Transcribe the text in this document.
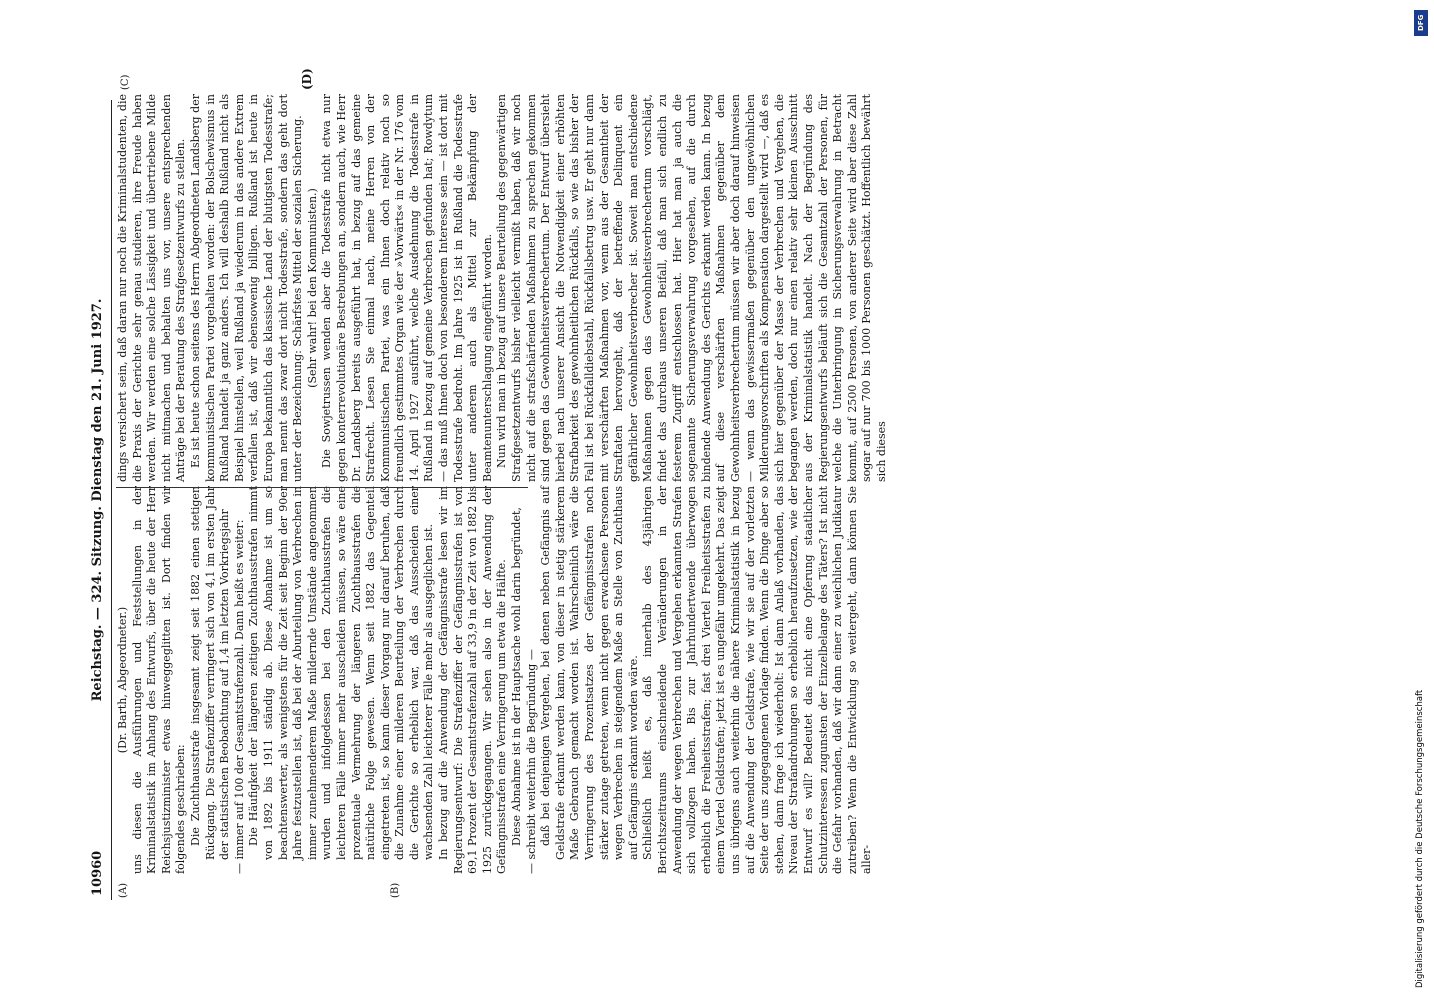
10960
Reichstag. — 324. Sitzung. Dienstag den 21. Juni 1927.
(A)	(B)
(C)	(D)

(Dr. Barth, Abgeordneter.) uns diesen die Ausführungen und Feststellungen in der Kriminalstatistik im Anhang des Entwurfs, über die heute der Herr Reichsjustizminister etwas hinweggeglitten ist. Dort finden wir folgendes geschrieben: Die Zuchthausstrafe insgesamt zeigt seit 1882 einen stetigen Rückgang. Die Strafenziffer verringert sich von 4,1 im ersten Jahr der statistischen Beobachtung auf 1,4 im letzten Vorkriegsjahr — immer auf 100 der Gesamtstrafenzahl. Dann heißt es weiter: Die Häufigkeit der längeren zeitigen Zuchthausstrafen nimmt von 1892 bis 1911 ständig ab. Diese Abnahme ist um so beachtenswerter, als wenigstens für die Zeit seit Beginn der 90er Jahre festzustellen ist, daß bei der Aburteilung von Verbrechen in immer zunehmenderem Maße mildernde Umstände angenommen wurden und infolgedessen bei den Zuchthausstrafen die leichteren Fälle immer mehr ausscheiden müssen, so wäre eine prozentuale Vermehrung der längeren Zuchthausstrafen die natürliche Folge gewesen. Wenn seit 1882 das Gegenteil eingetreten ist, so kann dieser Vorgang nur darauf beruhen, daß die Zunahme einer milderen Beurteilung der Verbrechen durch die Gerichte so erheblich war, daß das Ausscheiden einer wachsenden Zahl leichterer Fälle mehr als ausgeglichen ist. In bezug auf die Anwendung der Gefängnisstrafe lesen wir im Regierungsentwurf: Die Strafenziffer der Gefängnisstrafen ist von 69,1 Prozent der Gesamtstrafenzahl auf 33,9 in der Zeit von 1882 bis 1925 zurückgegangen. Wir sehen also in der Anwendung der Gefängnisstrafen eine Verringerung um etwa die Hälfte. Diese Abnahme ist in der Hauptsache wohl darin begründet, — schreibt weiterhin die Begründung — daß bei denjenigen Vergehen, bei denen neben Gefängnis auf Geldstrafe erkannt werden kann, von dieser in stetig stärkerem Maße Gebrauch gemacht worden ist. Wahrscheinlich wäre die Verringerung des Prozentsatzes der Gefängnisstrafen noch stärker zutage getreten, wenn nicht gegen erwachsene Personen wegen Verbrechen in steigendem Maße an Stelle von Zuchthaus auf Gefängnis erkannt worden wäre. Schließlich heißt es, daß innerhalb des 43jährigen Berichtszeitraums einschneidende Veränderungen in der Anwendung der wegen Verbrechen und Vergehen erkannten Strafen sich vollzogen haben. Bis zur Jahrhundertwende überwogen erheblich die Freiheitsstrafen; fast drei Viertel Freiheitsstrafen zu einem Viertel Geldstrafen; jetzt ist es ungefähr umgekehrt. Das zeigt uns übrigens auch weiterhin die nähere Kriminalstatistik in bezug auf die Anwendung der Geldstrafe, wie wir sie auf der vorletzten Seite der uns zugegangenen Vorlage finden. Wenn die Dinge aber so stehen, dann frage ich wiederholt: Ist dann Anlaß vorhanden, das Niveau der Strafandrohungen so erheblich heraufzusetzen, wie der Entwurf es will? Bedeutet das nicht eine Opferung staatlicher Schutzinteressen zugunsten der Einzelbelange des Täters? Ist nicht die Gefahr vorhanden, daß wir dann einer zu weichlichen Judikatur zutreiben? Wenn die Entwicklung so weitergeht, dann können Sie aller-

dings versichert sein, daß daran nur noch die Kriminalstudenten, die die Praxis der Gerichte sehr genau studieren, ihre Freude haben werden. Wir werden eine solche Lässigkeit und übertriebene Milde nicht mitmachen und behalten uns vor, unsere entsprechenden Anträge bei der Beratung des Strafgesetzentwurfs zu stellen. Es ist heute schon seitens des Herrn Abgeordneten Landsberg der kommunistischen Partei vorgehalten worden: der Bolschewismus in Rußland handelt ja ganz anders. Ich will deshalb Rußland nicht als Beispiel hinstellen, weil Rußland ja wiederum in das andere Extrem verfallen ist, daß wir ebensowenig billigen. Rußland ist heute in Europa bekanntlich das klassische Land der blutigsten Todesstrafe; man nennt das zwar dort nicht Todesstrafe, sondern das geht dort unter der Bezeichnung: Schärfstes Mittel der sozialen Sicherung. (Sehr wahr! bei den Kommunisten.) Die Sowjetrussen wenden aber die Todesstrafe nicht etwa nur gegen konterrevolutionäre Bestrebungen an, sondern auch, wie Herr Dr. Landsberg bereits ausgeführt hat, in bezug auf das gemeine Strafrecht. Lesen Sie einmal nach, meine Herren von der Kommunistischen Partei, was ein Ihnen doch relativ noch so freundlich gestimmtes Organ wie der »Vorwärts« in der Nr. 176 vom 14. April 1927 ausführt, welche Ausdehnung die Todesstrafe in Rußland in bezug auf gemeine Verbrechen gefunden hat; Rowdytum — das muß Ihnen doch von besonderem Interesse sein — ist dort mit Todesstrafe bedroht. Im Jahre 1925 ist in Rußland die Todesstrafe unter anderem auch als Mittel zur Bekämpfung der Beamtenunterschlagung eingeführt worden. Nun wird man in bezug auf unsere Beurteilung des gegenwärtigen Strafgesetzentwurfs bisher vielleicht vermißt haben, daß wir noch nicht auf die strafschärfenden Maßnahmen zu sprechen gekommen sind gegen das Gewohnheitsverbrechertum. Der Entwurf übersieht hierbei nach unserer Ansicht die Notwendigkeit einer erhöhten Strafbarkeit des gewohnheitlichen Rückfalls, so wie das bisher der Fall ist bei Rückfalldiebstahl, Rückfallsbetrug usw. Er geht nur dann mit verschärften Maßnahmen vor, wenn aus der Gesamtheit der Straftaten hervorgeht, daß der betreffende Delinquent ein gefährlicher Gewohnheitsverbrecher ist. Soweit man entschiedene Maßnahmen gegen das Gewohnheitsverbrechertum vorschlägt, findet das durchaus unseren Beifall, daß man sich endlich zu festerem Zugriff entschlossen hat. Hier hat man ja auch die sogenannte Sicherungsverwahrung vorgesehen, auf die durch bindende Anwendung des Gerichts erkannt werden kann. In bezug auf diese verschärften Maßnahmen gegenüber dem Gewohnheitsverbrechertum müssen wir aber doch darauf hinweisen — wenn das gewissermaßen gegenüber den ungewöhnlichen Milderungsvorschriften als Kompensation dargestellt wird —, daß es sich hier gegenüber der Masse der Verbrechen und Vergehen, die begangen werden, doch nur einen relativ sehr kleinen Ausschnitt aus der Kriminalstatistik handelt. Nach der Begründung des Regierungsentwurfs beläuft sich die Gesamtzahl der Personen, für welche die Unterbringung in Sicherungsverwahrung in Betracht kommt, auf 2500 Personen, von anderer Seite wird aber diese Zahl sogar auf nur 700 bis 1000 Personen geschätzt. Hoffentlich bewährt sich dieses

DFG
Digitalisierung gefördert durch die Deutsche Forschungsgemeinschaft
